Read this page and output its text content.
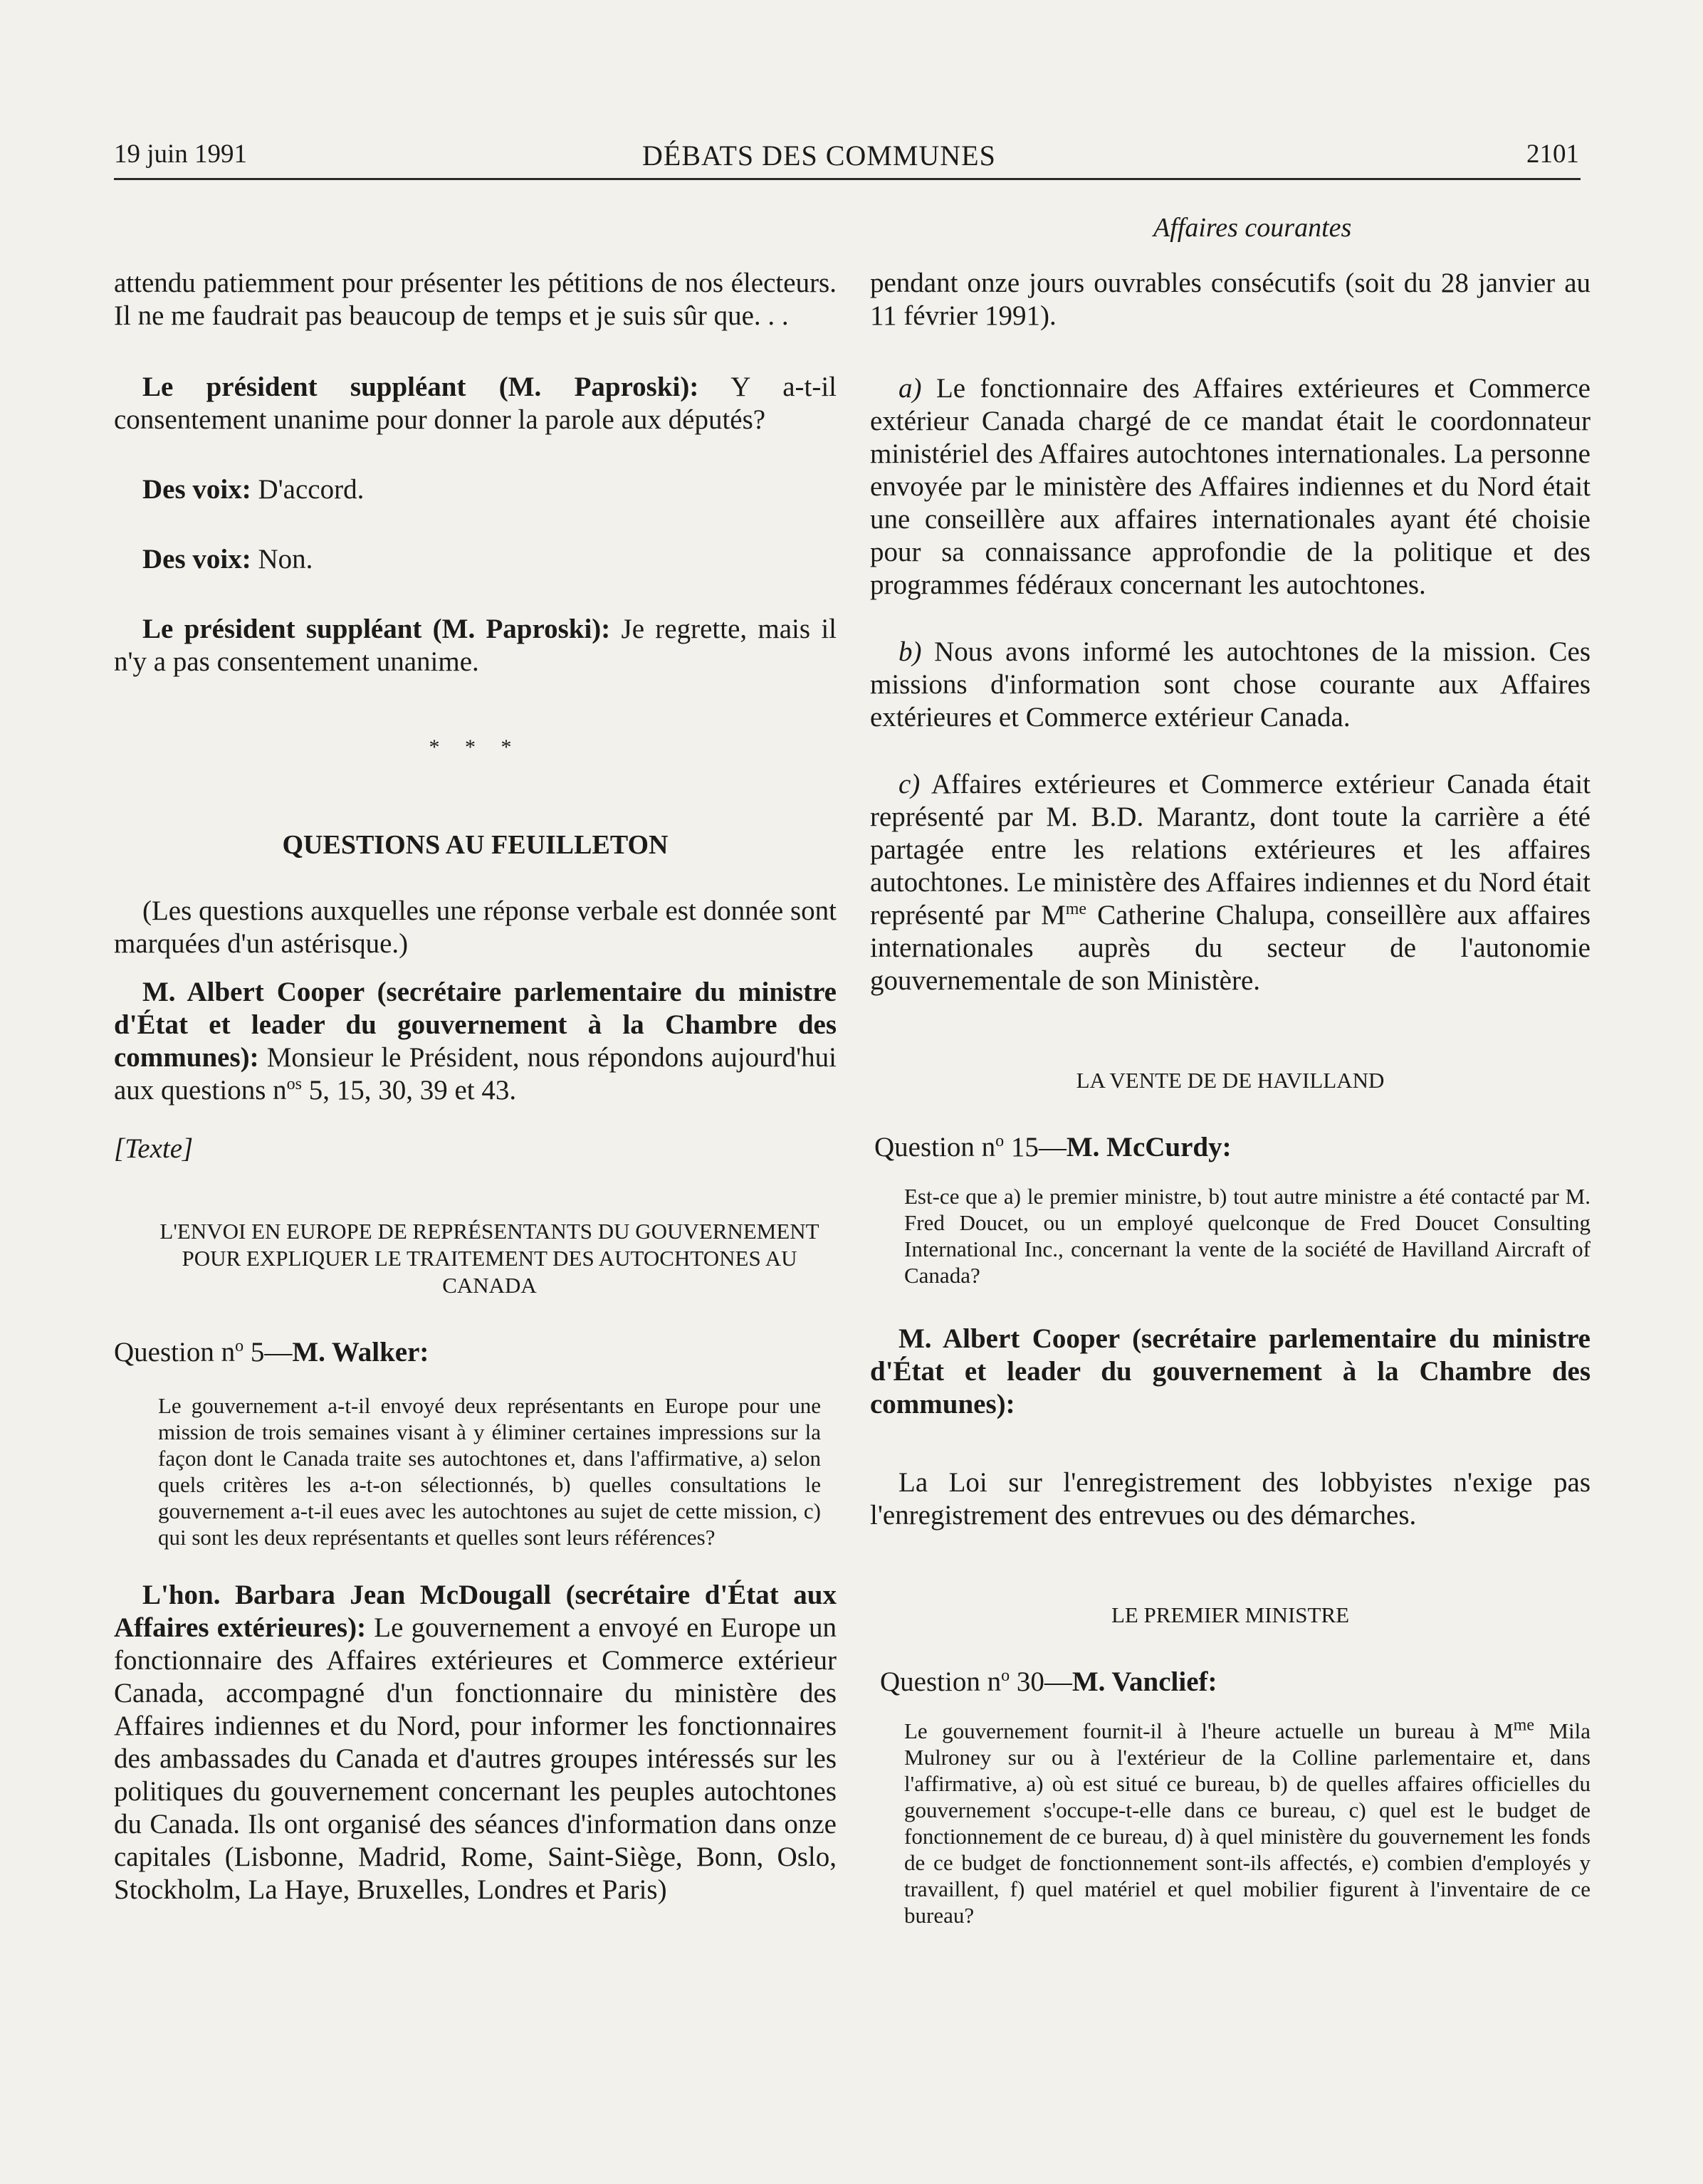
19 juin 1991	DÉBATS DES COMMUNES	2101
Affaires courantes

attendu patiemment pour présenter les pétitions de nos électeurs. Il ne me faudrait pas beaucoup de temps et je suis sûr que. . .

Le président suppléant (M. Paproski): Y a-t-il consentement unanime pour donner la parole aux députés?

Des voix: D'accord.

Des voix: Non.

Le président suppléant (M. Paproski): Je regrette, mais il n'y a pas consentement unanime.

* * *

QUESTIONS AU FEUILLETON

(Les questions auxquelles une réponse verbale est donnée sont marquées d'un astérisque.)

M. Albert Cooper (secrétaire parlementaire du ministre d'État et leader du gouvernement à la Chambre des communes): Monsieur le Président, nous répondons aujourd'hui aux questions $n^{os}$ 5, 15, 30, 39 et 43.

[Texte]

L'ENVOI EN EUROPE DE REPRÉSENTANTS DU GOUVERNEMENT POUR EXPLIQUER LE TRAITEMENT DES AUTOCHTONES AU CANADA

Question $n^o$ 5—M. Walker:

Le gouvernement a-t-il envoyé deux représentants en Europe pour une mission de trois semaines visant à y éliminer certaines impressions sur la façon dont le Canada traite ses autochtones et, dans l'affirmative, a) selon quels critères les a-t-on sélectionnés, b) quelles consultations le gouvernement a-t-il eues avec les autochtones au sujet de cette mission, c) qui sont les deux représentants et quelles sont leurs références?

L'hon. Barbara Jean McDougall (secrétaire d'État aux Affaires extérieures): Le gouvernement a envoyé en Europe un fonctionnaire des Affaires extérieures et Commerce extérieur Canada, accompagné d'un fonctionnaire du ministère des Affaires indiennes et du Nord, pour informer les fonctionnaires des ambassades du Canada et d'autres groupes intéressés sur les politiques du gouvernement concernant les peuples autochtones du Canada. Ils ont organisé des séances d'information dans onze capitales (Lisbonne, Madrid, Rome, Saint-Siège, Bonn, Oslo, Stockholm, La Haye, Bruxelles, Londres et Paris)

pendant onze jours ouvrables consécutifs (soit du 28 janvier au 11 février 1991).

a) Le fonctionnaire des Affaires extérieures et Commerce extérieur Canada chargé de ce mandat était le coordonnateur ministériel des Affaires autochtones internationales. La personne envoyée par le ministère des Affaires indiennes et du Nord était une conseillère aux affaires internationales ayant été choisie pour sa connaissance approfondie de la politique et des programmes fédéraux concernant les autochtones.

b) Nous avons informé les autochtones de la mission. Ces missions d'information sont chose courante aux Affaires extérieures et Commerce extérieur Canada.

c) Affaires extérieures et Commerce extérieur Canada était représenté par M. B.D. Marantz, dont toute la carrière a été partagée entre les relations extérieures et les affaires autochtones. Le ministère des Affaires indiennes et du Nord était représenté par $M^{me}$ Catherine Chalupa, conseillère aux affaires internationales auprès du secteur de l'autonomie gouvernementale de son Ministère.

LA VENTE DE DE HAVILLAND

Question $n^o$ 15—M. McCurdy:

Est-ce que a) le premier ministre, b) tout autre ministre a été contacté par M. Fred Doucet, ou un employé quelconque de Fred Doucet Consulting International Inc., concernant la vente de la société de Havilland Aircraft of Canada?

M. Albert Cooper (secrétaire parlementaire du ministre d'État et leader du gouvernement à la Chambre des communes):

La Loi sur l'enregistrement des lobbyistes n'exige pas l'enregistrement des entrevues ou des démarches.

LE PREMIER MINISTRE

Question $n^o$ 30—M. Vanclief:

Le gouvernement fournit-il à l'heure actuelle un bureau à $M^{me}$ Mila Mulroney sur ou à l'extérieur de la Colline parlementaire et, dans l'affirmative, a) où est situé ce bureau, b) de quelles affaires officielles du gouvernement s'occupe-t-elle dans ce bureau, c) quel est le budget de fonctionnement de ce bureau, d) à quel ministère du gouvernement les fonds de ce budget de fonctionnement sont-ils affectés, e) combien d'employés y travaillent, f) quel matériel et quel mobilier figurent à l'inventaire de ce bureau?
